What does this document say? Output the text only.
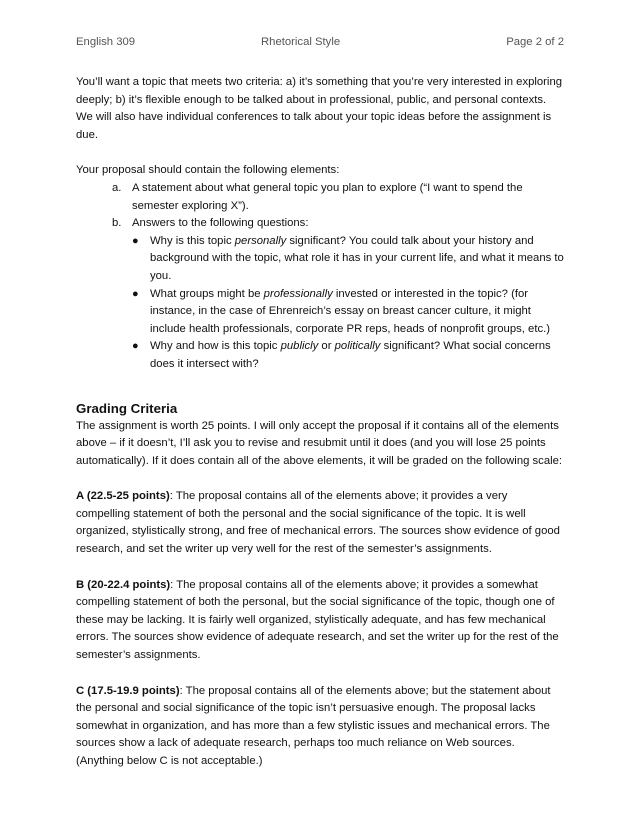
English 309	Rhetorical Style	Page 2 of 2

You’ll want a topic that meets two criteria: a) it’s something that you’re very interested in exploring deeply; b) it’s flexible enough to be talked about in professional, public, and personal contexts. We will also have individual conferences to talk about your topic ideas before the assignment is due.

Your proposal should contain the following elements:

a. A statement about what general topic you plan to explore (“I want to spend the semester exploring X”).
b. Answers to the following questions:
● Why is this topic personally significant? You could talk about your history and background with the topic, what role it has in your current life, and what it means to you.
● What groups might be professionally invested or interested in the topic? (for instance, in the case of Ehrenreich’s essay on breast cancer culture, it might include health professionals, corporate PR reps, heads of nonprofit groups, etc.)
● Why and how is this topic publicly or politically significant? What social concerns does it intersect with?

Grading Criteria

The assignment is worth 25 points. I will only accept the proposal if it contains all of the elements above – if it doesn’t, I’ll ask you to revise and resubmit until it does (and you will lose 25 points automatically). If it does contain all of the above elements, it will be graded on the following scale:

A (22.5-25 points): The proposal contains all of the elements above; it provides a very compelling statement of both the personal and the social significance of the topic. It is well organized, stylistically strong, and free of mechanical errors. The sources show evidence of good research, and set the writer up very well for the rest of the semester’s assignments.

B (20-22.4 points): The proposal contains all of the elements above; it provides a somewhat compelling statement of both the personal, but the social significance of the topic, though one of these may be lacking. It is fairly well organized, stylistically adequate, and has few mechanical errors. The sources show evidence of adequate research, and set the writer up for the rest of the semester’s assignments.

C (17.5-19.9 points): The proposal contains all of the elements above; but the statement about the personal and social significance of the topic isn’t persuasive enough. The proposal lacks somewhat in organization, and has more than a few stylistic issues and mechanical errors. The sources show a lack of adequate research, perhaps too much reliance on Web sources. (Anything below C is not acceptable.)
